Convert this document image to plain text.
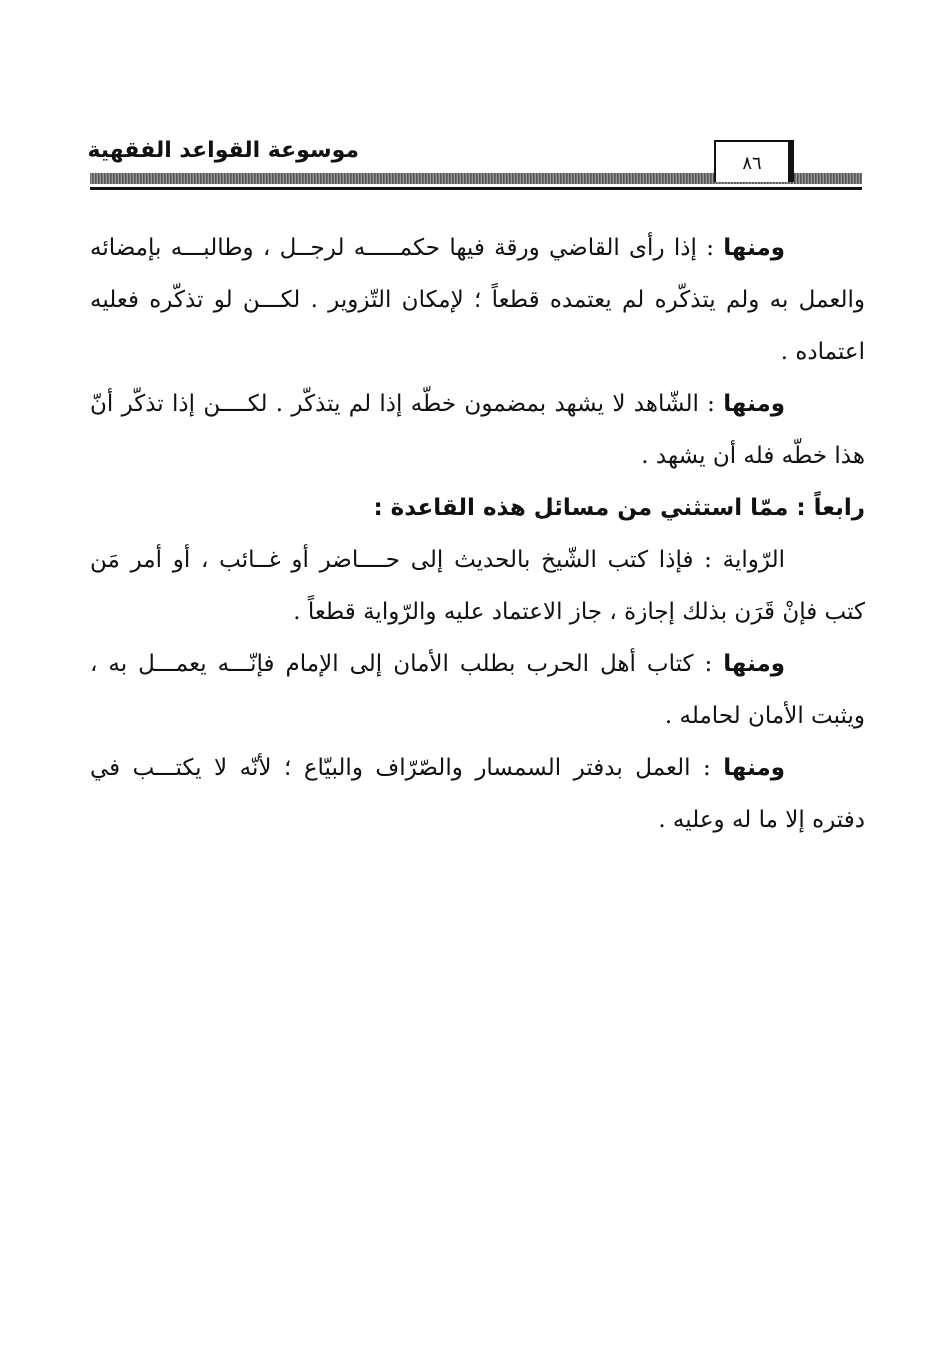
موسوعة القواعد الفقهية
٨٦

ومنها : إذا رأى القاضي ورقة فيها حكمـــــه لرجــل ، وطالبـــه بإمضائه والعمل به ولم يتذكّره لم يعتمده قطعاً ؛ لإمكان التّزوير . لكـــن لو تذكّره فعليه اعتماده .

ومنها : الشّاهد لا يشهد بمضمون خطّه إذا لم يتذكّر . لكــــن إذا تذكّر أنّ هذا خطّه فله أن يشهد .

رابعاً : ممّا استثني من مسائل هذه القاعدة :

الرّواية : فإذا كتب الشّيخ بالحديث إلى حــــاضر أو غــائب ، أو أمر مَن كتب فإنْ قَرَن بذلك إجازة ، جاز الاعتماد عليه والرّواية قطعاً .

ومنها : كتاب أهل الحرب بطلب الأمان إلى الإمام فإنّـــه يعمـــل به ، ويثبت الأمان لحامله .

ومنها : العمل بدفتر السمسار والصّرّاف والبيّاع ؛ لأنّه لا يكتـــب في دفتره إلا ما له وعليه .
